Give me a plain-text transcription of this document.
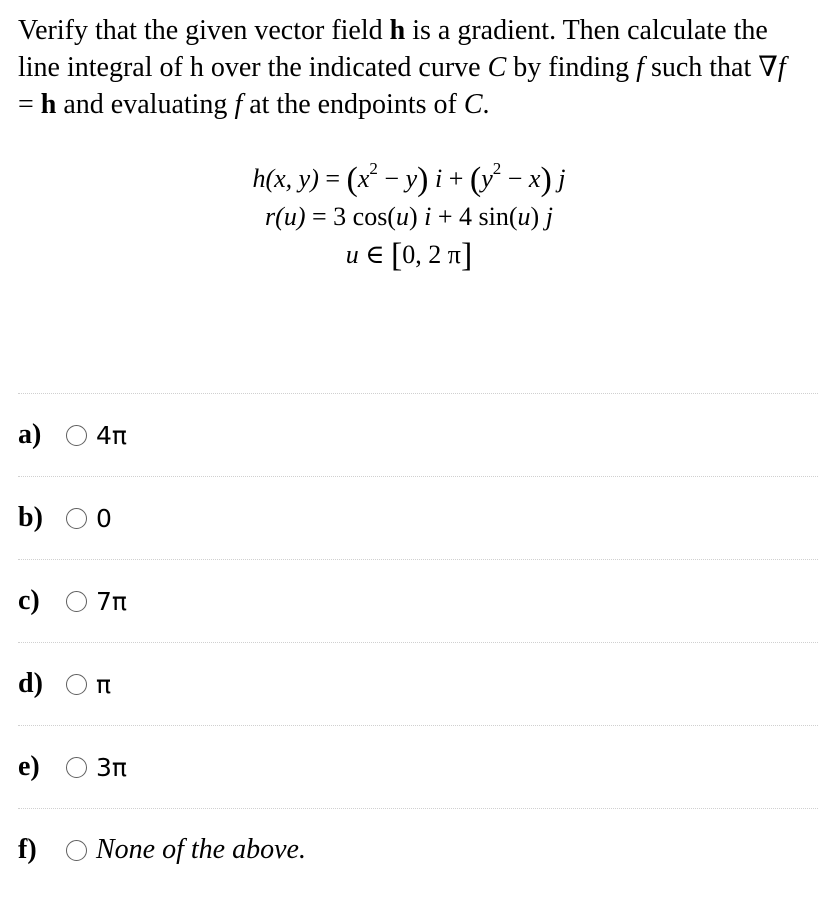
Verify that the given vector field h is a gradient. Then calculate the line integral of h over the indicated curve C by finding f such that ∇f = h and evaluating f at the endpoints of C.

h(x, $y) = (x^2 - y) i + (y^2 - x)$ j
r(u) = 3 cos(u) i + 4 sin(u) j
u ∈ [0, 2 π]
a)	4π
b)	0
c)	7π
d)	π
e)	3π
f)	None of the above.
